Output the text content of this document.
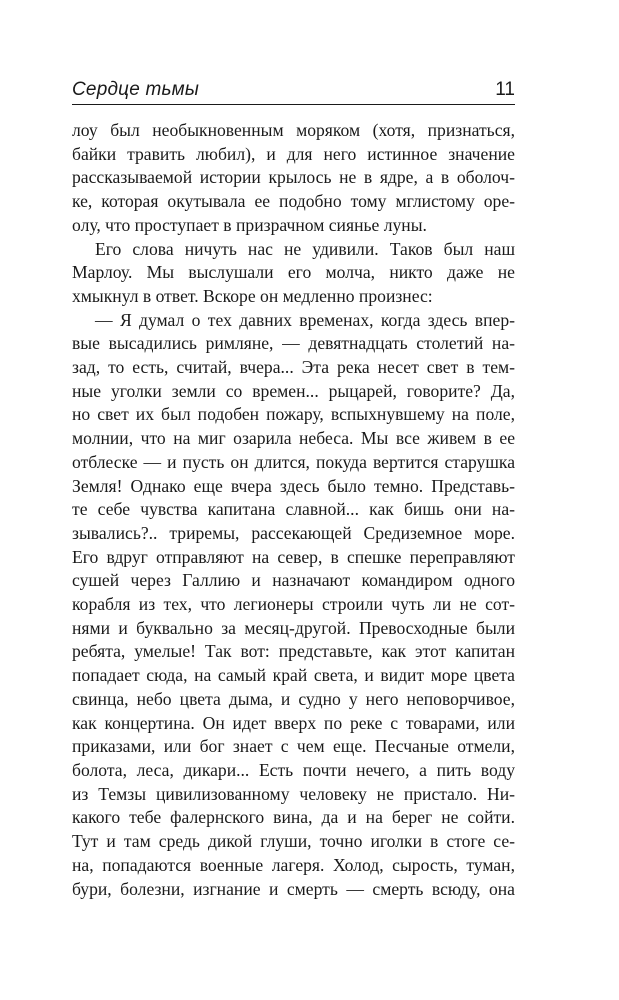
Сердце тьмы	11
лоу был необыкновенным моряком (хотя, признаться,
байки травить любил), и для него истинное значение
рассказываемой истории крылось не в ядре, а в оболоч-
ке, которая окутывала ее подобно тому мглистому оре-
олу, что проступает в призрачном сиянье луны.
Его слова ничуть нас не удивили. Таков был наш
Марлоу. Мы выслушали его молча, никто даже не
хмыкнул в ответ. Вскоре он медленно произнес:
— Я думал о тех давних временах, когда здесь впер-
вые высадились римляне, — девятнадцать столетий на-
зад, то есть, считай, вчера... Эта река несет свет в тем-
ные уголки земли со времен... рыцарей, говорите? Да,
но свет их был подобен пожару, вспыхнувшему на поле,
молнии, что на миг озарила небеса. Мы все живем в ее
отблеске — и пусть он длится, покуда вертится старушка
Земля! Однако еще вчера здесь было темно. Представь-
те себе чувства капитана славной... как бишь они на-
зывались?.. триремы, рассекающей Средиземное море.
Его вдруг отправляют на север, в спешке переправляют
сушей через Галлию и назначают командиром одного
корабля из тех, что легионеры строили чуть ли не сот-
нями и буквально за месяц-другой. Превосходные были
ребята, умелые! Так вот: представьте, как этот капитан
попадает сюда, на самый край света, и видит море цвета
свинца, небо цвета дыма, и судно у него неповорчивое,
как концертина. Он идет вверх по реке с товарами, или
приказами, или бог знает с чем еще. Песчаные отмели,
болота, леса, дикари... Есть почти нечего, а пить воду
из Темзы цивилизованному человеку не пристало. Ни-
какого тебе фалернского вина, да и на берег не сойти.
Тут и там средь дикой глуши, точно иголки в стоге се-
на, попадаются военные лагеря. Холод, сырость, туман,
бури, болезни, изгнание и смерть — смерть всюду, она
